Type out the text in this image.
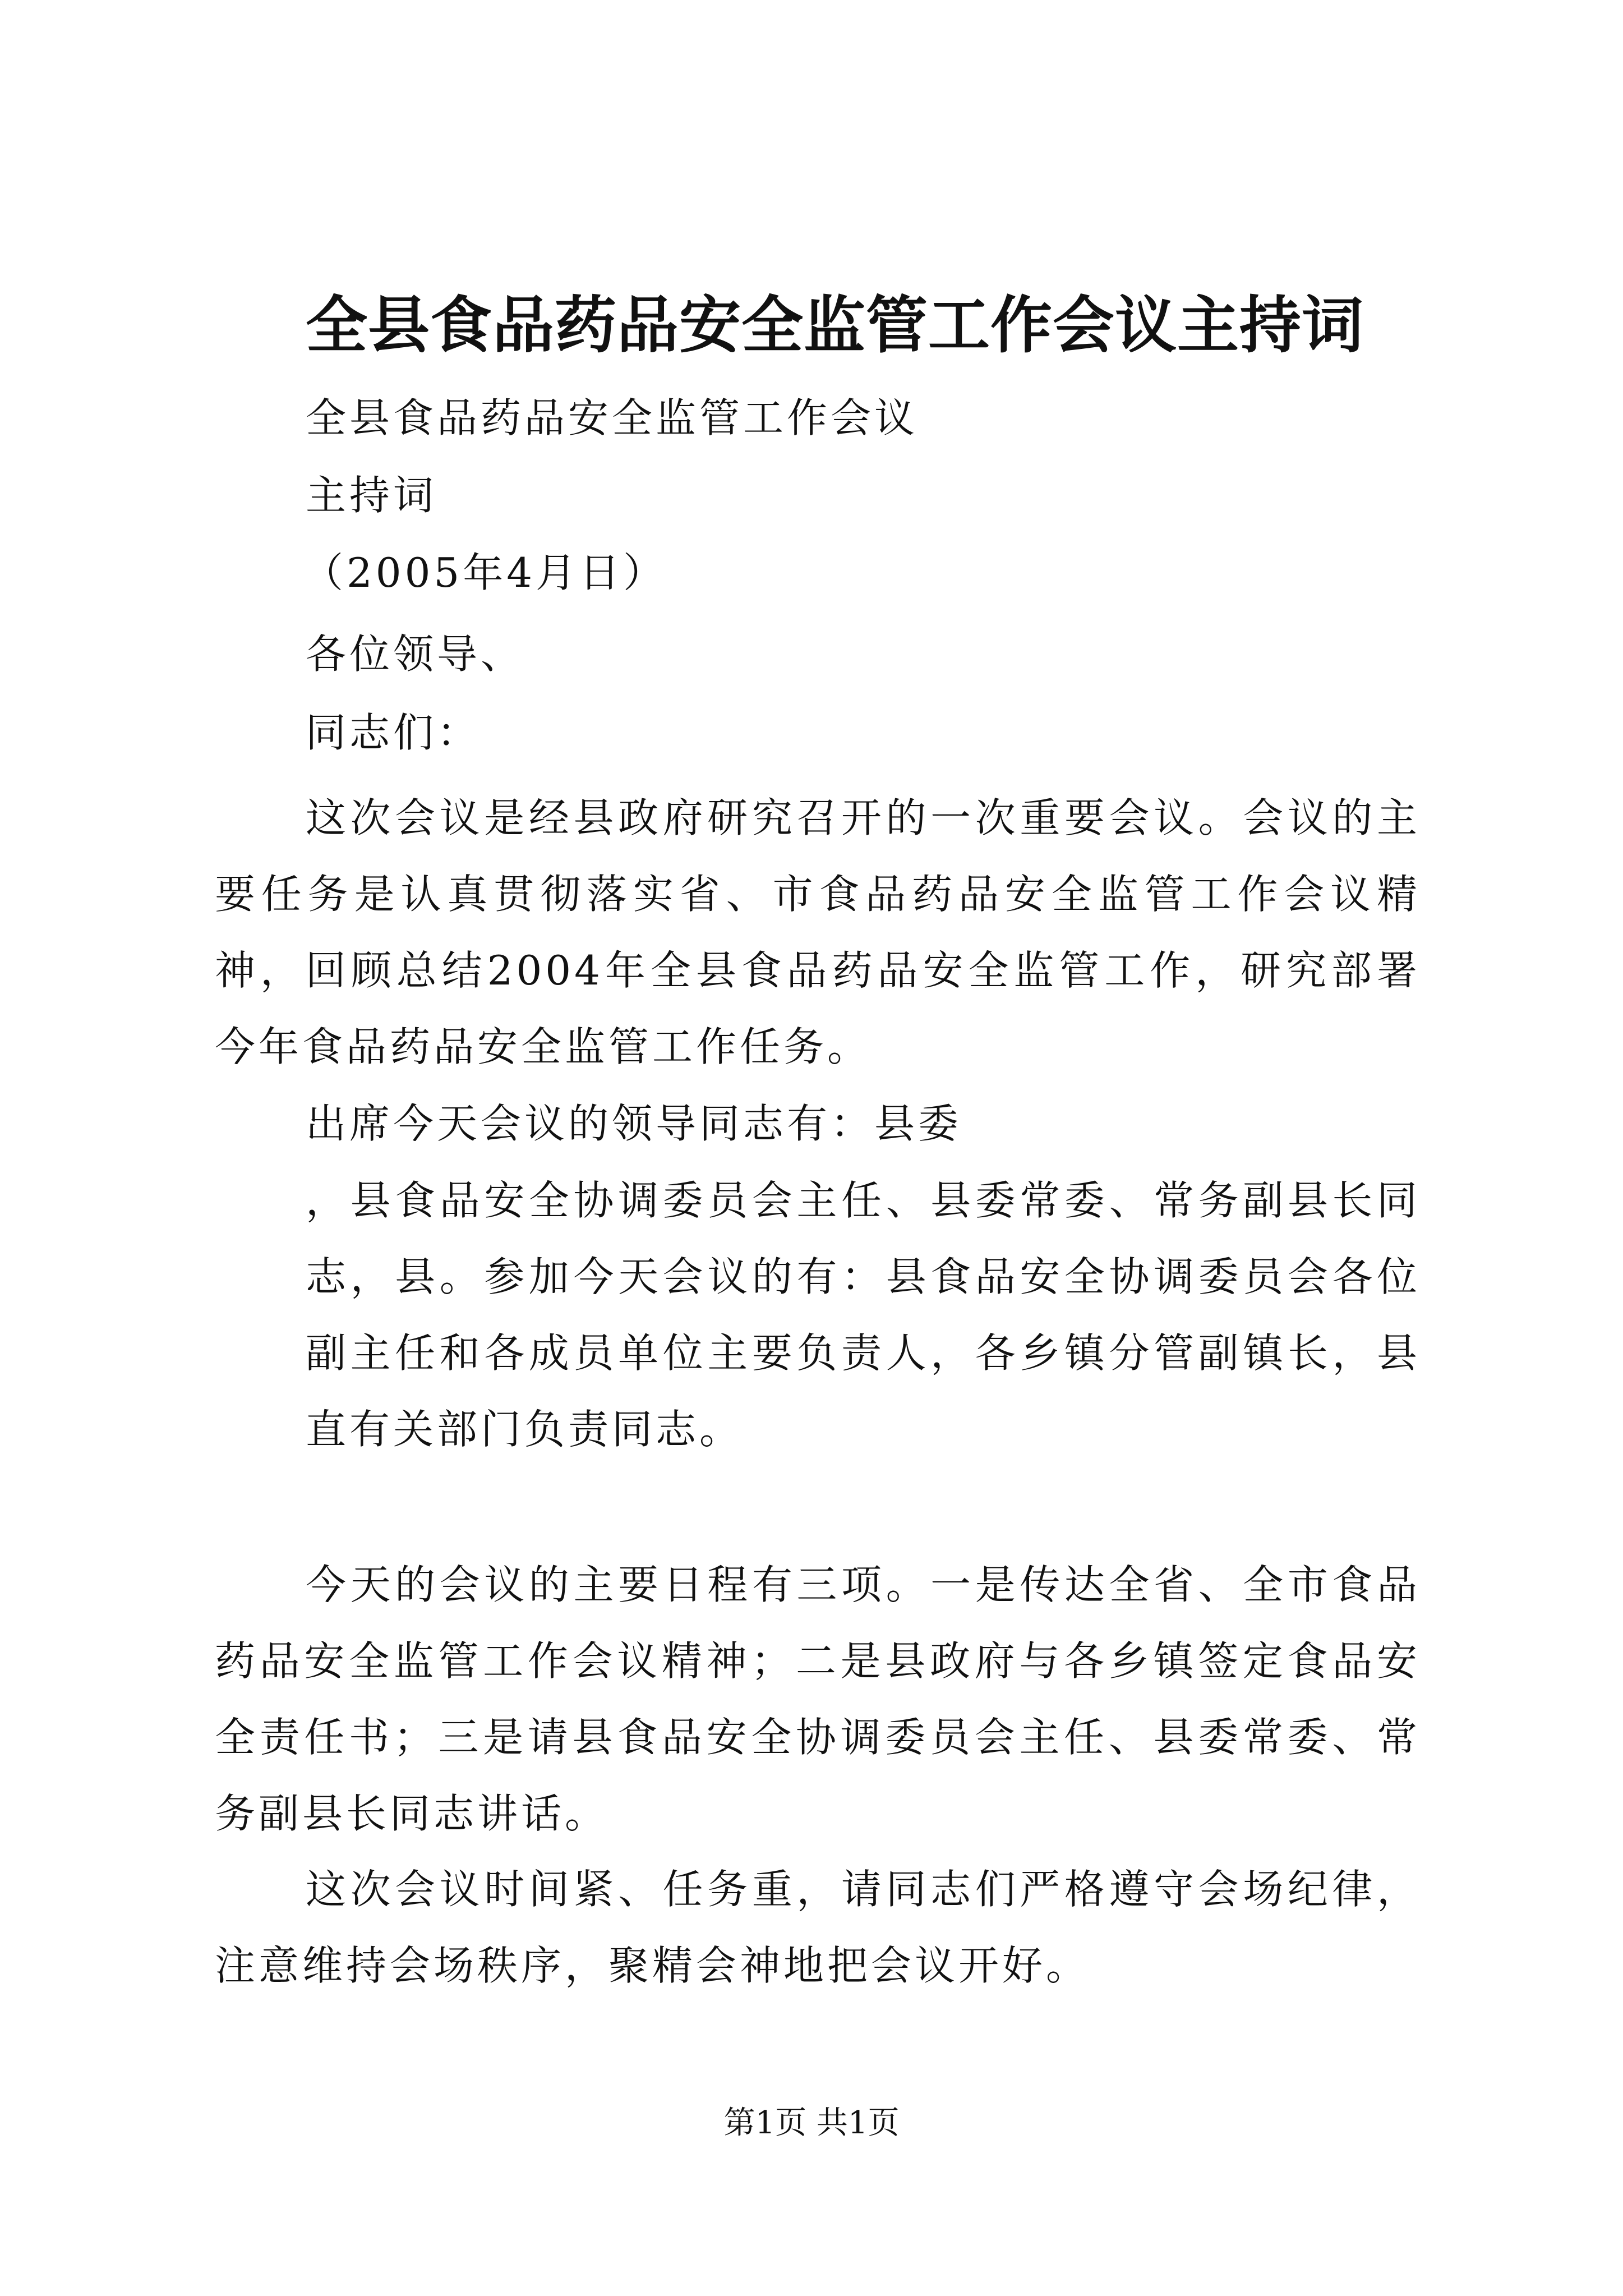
全县食品药品安全监管工作会议主持词
全县食品药品安全监管工作会议
主持词
（2005年4月日）
各位领导、
同志们：

这次会议是经县政府研究召开的一次重要会议。会议的主要任务是认真贯彻落实省、市食品药品安全监管工作会议精神，回顾总结2004年全县食品药品安全监管工作，研究部署今年食品药品安全监管工作任务。

出席今天会议的领导同志有：县委

，县食品安全协调委员会主任、县委常委、常务副县长同志，县。参加今天会议的有：县食品安全协调委员会各位副主任和各成员单位主要负责人，各乡镇分管副镇长，县直有关部门负责同志。

今天的会议的主要日程有三项。一是传达全省、全市食品药品安全监管工作会议精神；二是县政府与各乡镇签定食品安全责任书；三是请县食品安全协调委员会主任、县委常委、常务副县长同志讲话。

这次会议时间紧、任务重，请同志们严格遵守会场纪律，注意维持会场秩序，聚精会神地把会议开好。

第1页 共1页
